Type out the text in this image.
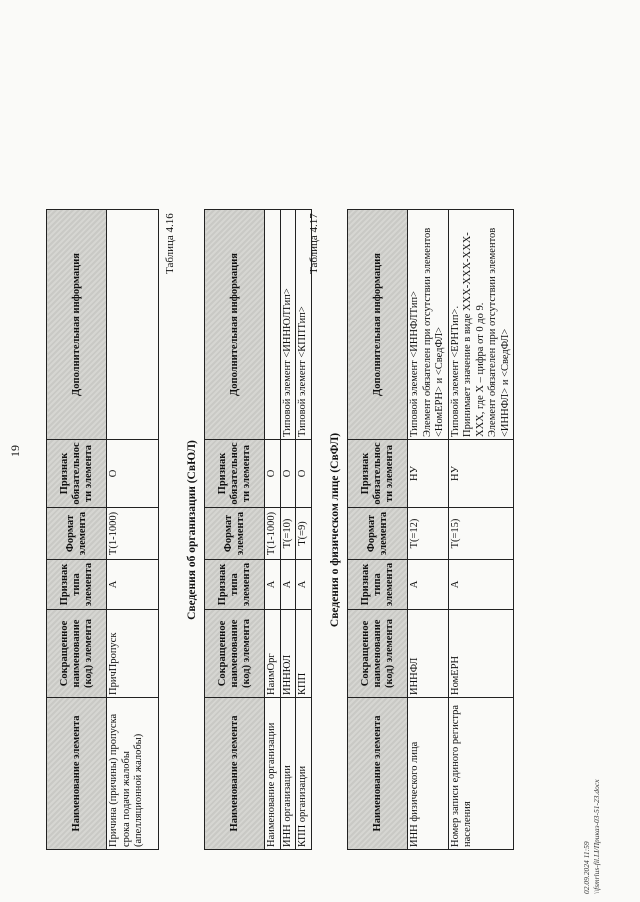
19
Наименование элемента	Сокращенное наименование (код) элемента	Признак типа элемента	Формат элемента	Признак обязательности элемента	Дополнительная информация
Причина (причины) пропуска срока подачи жалобы (апелляционной жалобы)	ПричПропуск	А	T(1-1000)	О	
Таблица 4.16
Сведения об организации (СвЮЛ)
Наименование элемента	Сокращенное наименование (код) элемента	Признак типа элемента	Формат элемента	Признак обязательности элемента	Дополнительная информация
Наименование организации	НаимОрг	А	T(1-1000)	О	
ИНН организации	ИННЮЛ	А	T(=10)	О	Типовой элемент <ИННЮЛТип>
КПП организации	КПП	А	T(=9)	О	Типовой элемент <КППТип>
Таблица 4.17
Сведения о физическом лице (СвФЛ)
Наименование элемента	Сокращенное наименование (код) элемента	Признак типа элемента	Формат элемента	Признак обязательности элемента	Дополнительная информация
ИНН физического лица	ИННФЛ	А	T(=12)	НУ	Типовой элемент <ИННФЛТип> Элемент обязателен при отсутствии элементов <НомЕРН> и <СведФЛ>

Номер записи единого регистра населения	НомЕРН	А	T(=15)	НУ	Типовой элемент <ЕРНТип>. Принимает значение в виде ХХХ-ХХХ-ХХХ-ХХХ, где Х – цифра от 0 до 9. Элемент обязателен при отсутствии элементов <ИННФЛ> и <СведФЛ>
02.09.2024 11:59 \\fsmrlus-fil.LI/Приказ-03-51-23.docx
